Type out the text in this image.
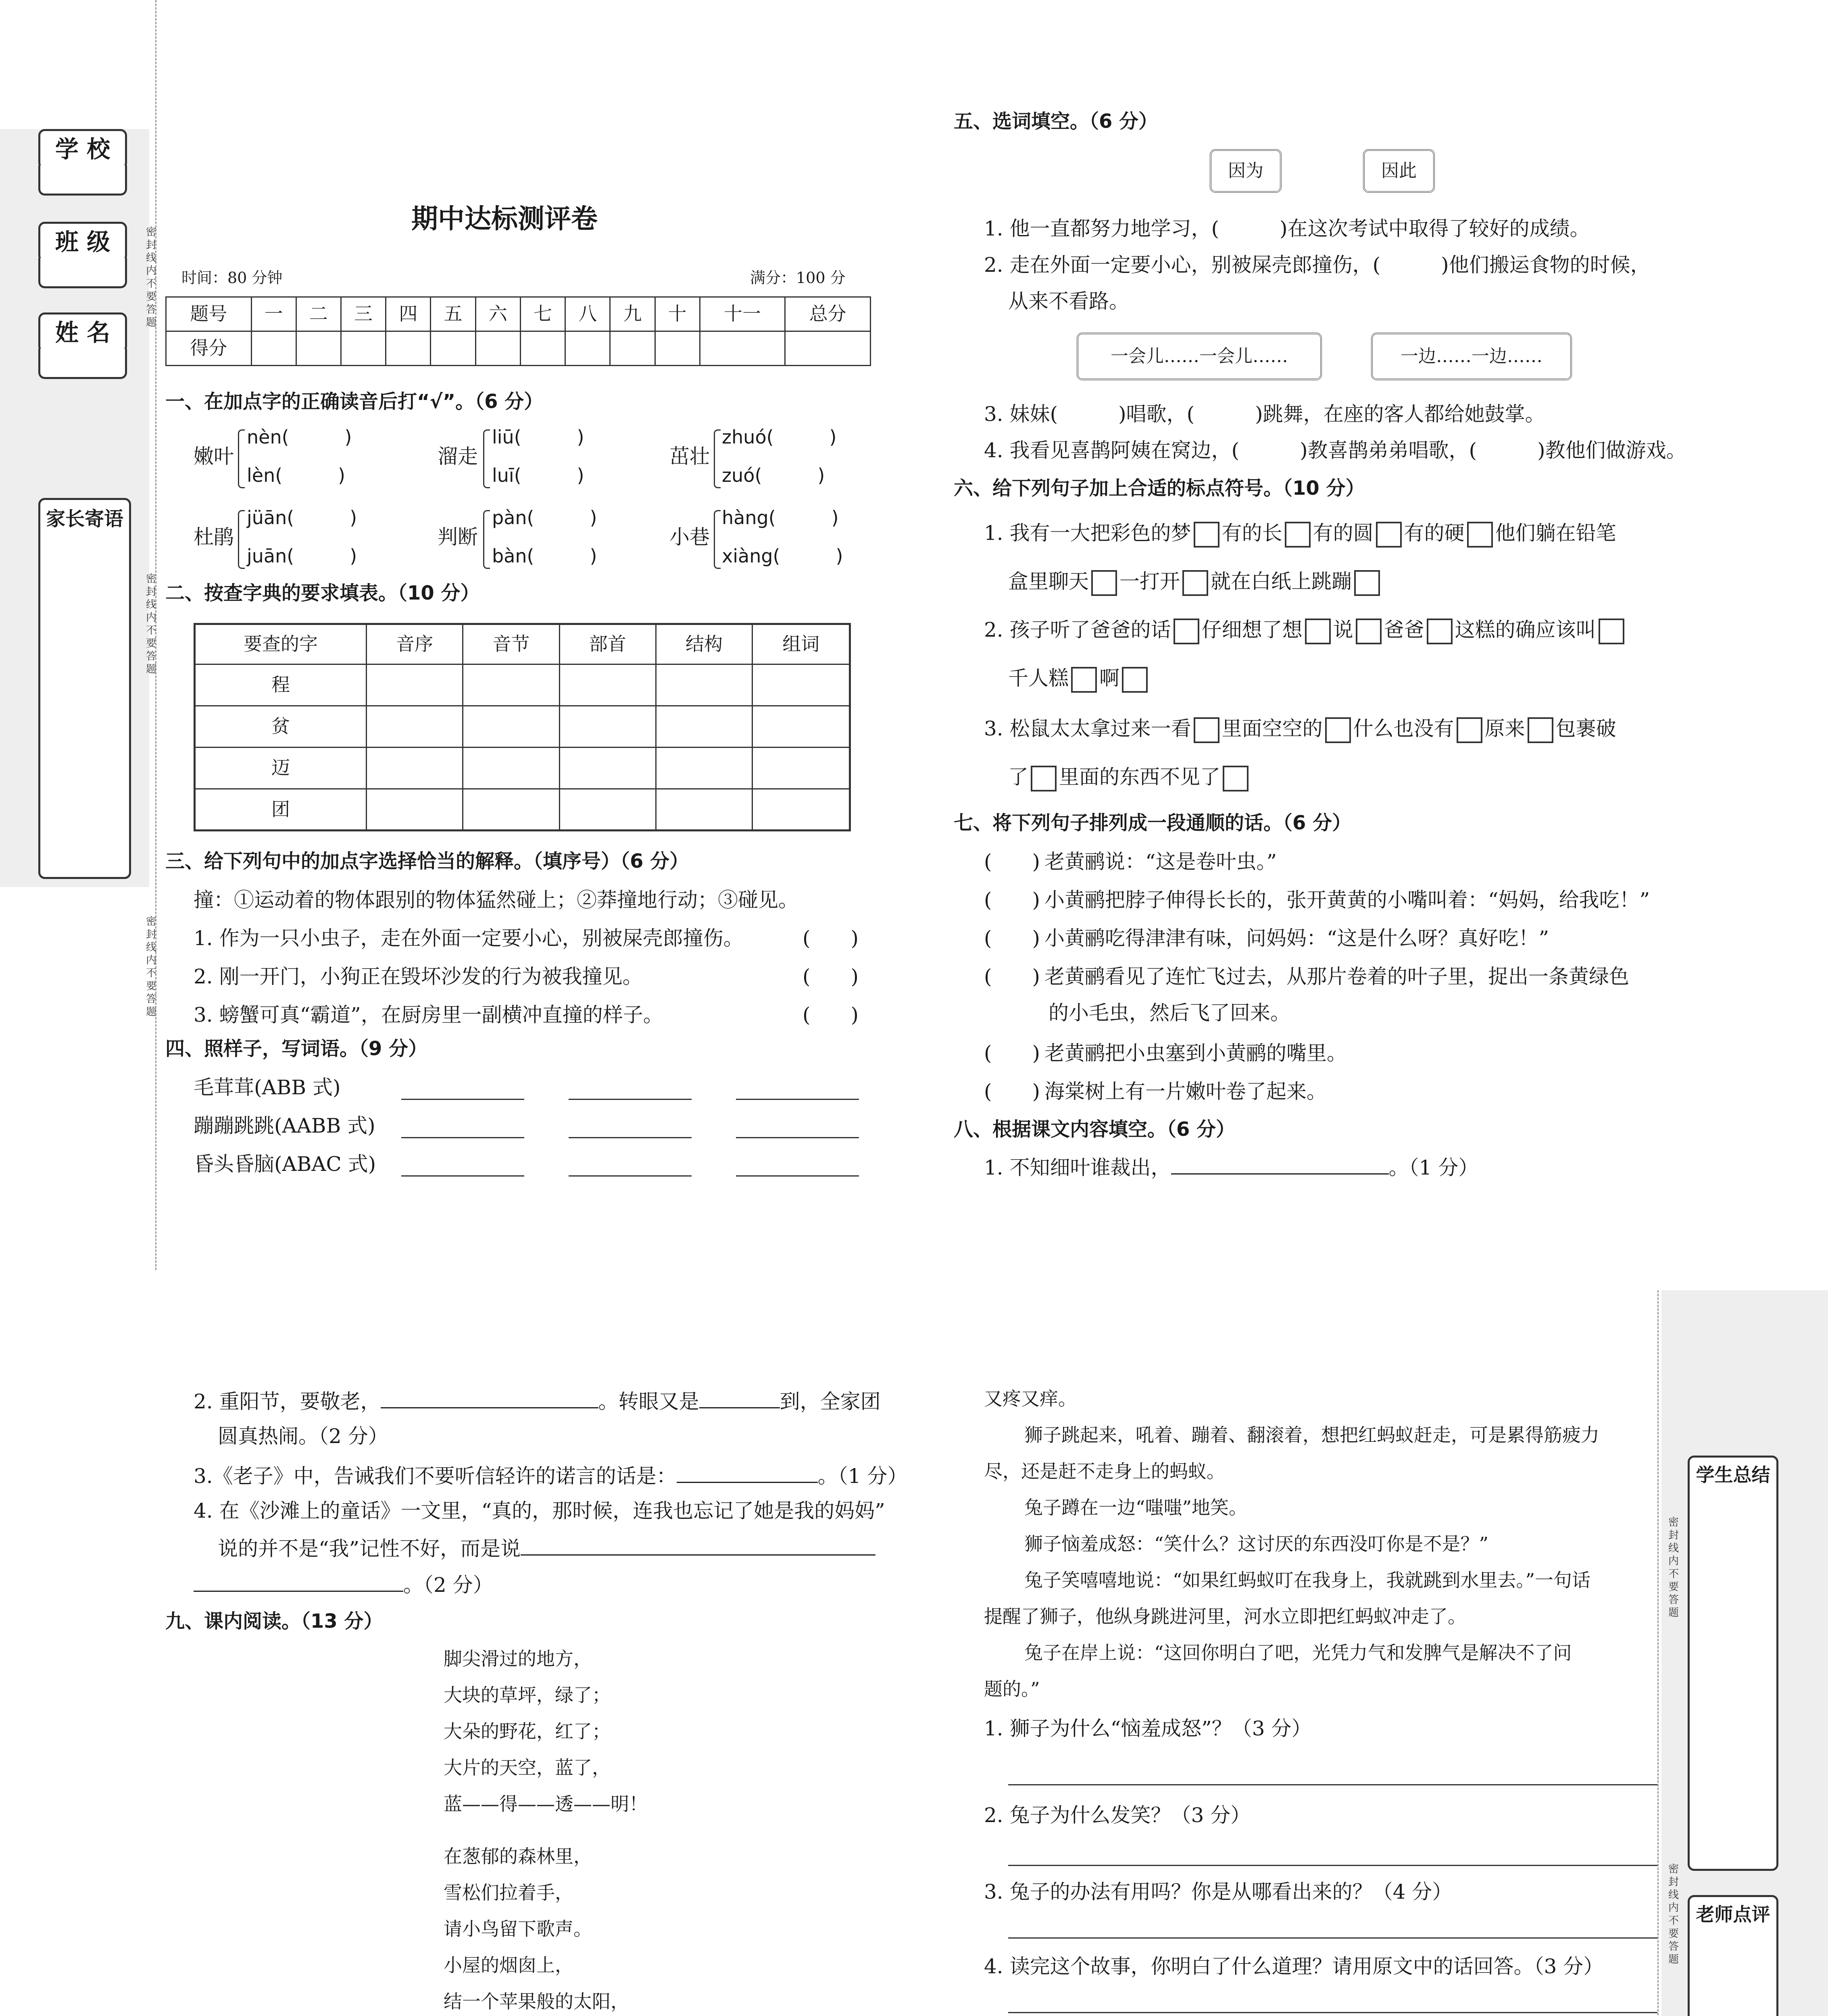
学 校
班 级
姓 名
家长寄语
密
封
线
内
不
要
答
题
密
封
线
内
不
要
答
题
密
封
线
内
不
要
答
题
学生总结
老师点评
密
封
线
内
不
要
答
题
密
封
线
内
不
要
答
题
期中达标测评卷
时间：80 分钟	满分：100 分
题号	一	二	三	四	五	六	七	八	九	十	十一	总分
得分												
一、在加点字的正确读音后打“√”。（6 分）
嫩叶
nèn(　　　)
lèn(　　　)
溜走
liū(　　　)
luī(　　　)
茁壮
zhuó(　　　)
zuó(　　　)
杜鹃
jüān(　　　)
juān(　　　)
判断
pàn(　　　)
bàn(　　　)
小巷
hàng(　　　)
xiàng(　　　)
二、按查字典的要求填表。（10 分）
要查的字	音序	音节	部首	结构	组词
程					
贫					
迈					
团					
三、给下列句中的加点字选择恰当的解释。（填序号）（6 分）
撞：①运动着的物体跟别的物体猛然碰上；②莽撞地行动；③碰见。
1. 作为一只小虫子，走在外面一定要小心，别被屎壳郎撞伤。	(　　)
2. 刚一开门，小狗正在毁坏沙发的行为被我撞见。	(　　)
3. 螃蟹可真“霸道”，在厨房里一副横冲直撞的样子。	(　　)
四、照样子，写词语。（9 分）
毛茸茸(ABB 式)
蹦蹦跳跳(AABB 式)
昏头昏脑(ABAC 式)
五、选词填空。（6 分）
因为	因此
1. 他一直都努力地学习，(　　　)在这次考试中取得了较好的成绩。
2. 走在外面一定要小心，别被屎壳郎撞伤，(　　　)他们搬运食物的时候，
从来不看路。
一会儿……一会儿……	一边……一边……
3. 妹妹(　　　)唱歌，(　　　)跳舞，在座的客人都给她鼓掌。
4. 我看见喜鹊阿姨在窝边，(　　　)教喜鹊弟弟唱歌，(　　　)教他们做游戏。
六、给下列句子加上合适的标点符号。（10 分）
1. 我有一大把彩色的梦 有的长 有的圆 有的硬 他们躺在铅笔
盒里聊天 一打开 就在白纸上跳蹦
2. 孩子听了爸爸的话 仔细想了想 说 爸爸 这糕的确应该叫
千人糕 啊
3. 松鼠太太拿过来一看 里面空空的 什么也没有 原来 包裹破
了 里面的东西不见了
七、将下列句子排列成一段通顺的话。（6 分）
(　　) 老黄鹂说：“这是卷叶虫。”
(　　) 小黄鹂把脖子伸得长长的，张开黄黄的小嘴叫着：“妈妈，给我吃！”
(　　) 小黄鹂吃得津津有味，问妈妈：“这是什么呀？真好吃！”
(　　) 老黄鹂看见了连忙飞过去，从那片卷着的叶子里，捉出一条黄绿色
的小毛虫，然后飞了回来。
(　　) 老黄鹂把小虫塞到小黄鹂的嘴里。
(　　) 海棠树上有一片嫩叶卷了起来。
八、根据课文内容填空。（6 分）
1. 不知细叶谁裁出，	。（1 分）
2. 重阳节，要敬老，	。转眼又是	到，全家团
圆真热闹。（2 分）
3.《老子》中，告诫我们不要听信轻许的诺言的话是：	。（1 分）
4. 在《沙滩上的童话》一文里，“真的，那时候，连我也忘记了她是我的妈妈”
说的并不是“我”记性不好，而是说
。（2 分）
九、课内阅读。（13 分）
脚尖滑过的地方，
大块的草坪，绿了；
大朵的野花，红了；
大片的天空，蓝了，
蓝——得——透——明！
在葱郁的森林里，
雪松们拉着手，
请小鸟留下歌声。
小屋的烟囱上，
结一个苹果般的太阳，
又疼又痒。
狮子跳起来，吼着、蹦着、翻滚着，想把红蚂蚁赶走，可是累得筋疲力
尽，还是赶不走身上的蚂蚁。
兔子蹲在一边“嗤嗤”地笑。
狮子恼羞成怒：“笑什么？这讨厌的东西没叮你是不是？”
兔子笑嘻嘻地说：“如果红蚂蚁叮在我身上，我就跳到水里去。”一句话
提醒了狮子，他纵身跳进河里，河水立即把红蚂蚁冲走了。
兔子在岸上说：“这回你明白了吧，光凭力气和发脾气是解决不了问
题的。”
1. 狮子为什么“恼羞成怒”？（3 分）
2. 兔子为什么发笑？（3 分）
3. 兔子的办法有用吗？你是从哪看出来的？（4 分）
4. 读完这个故事，你明白了什么道理？请用原文中的话回答。（3 分）
